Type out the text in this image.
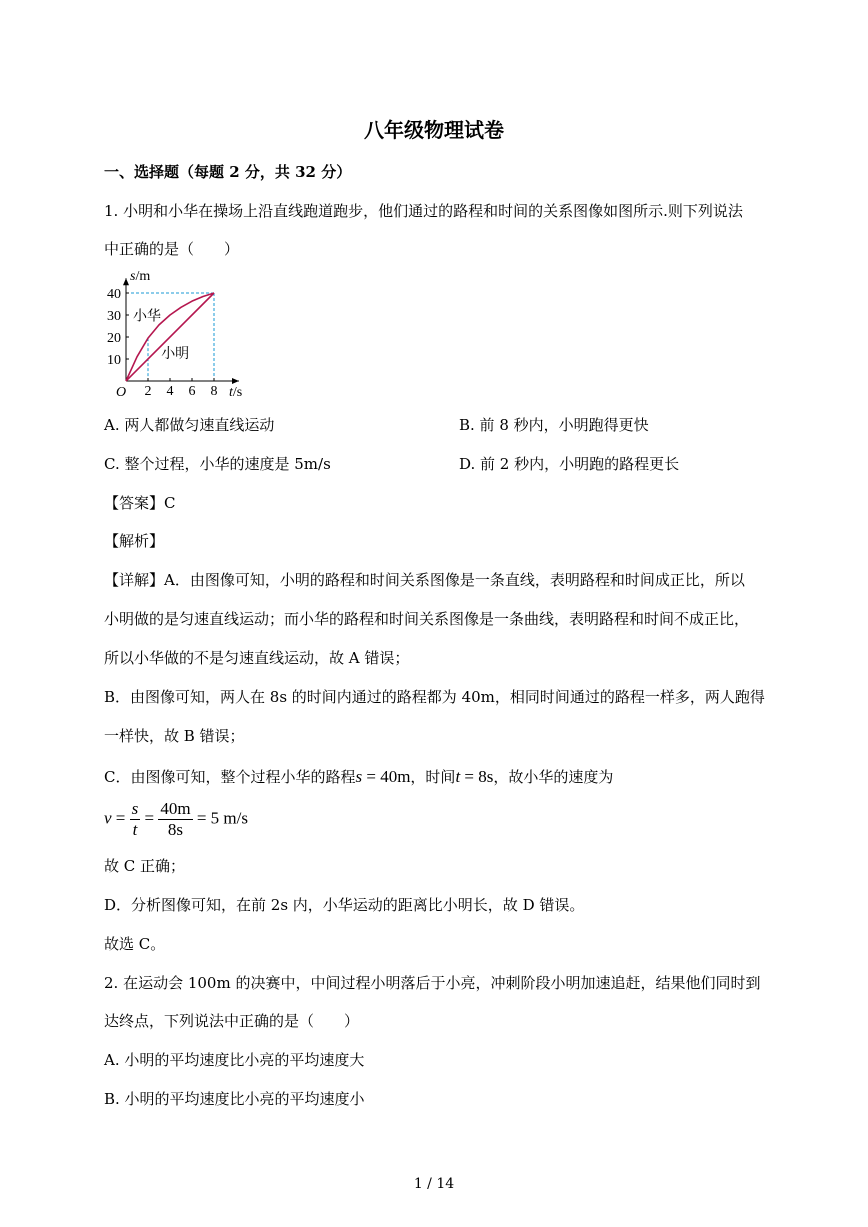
八年级物理试卷
一、选择题（每题 2 分，共 32 分）
1. 小明和小华在操场上沿直线跑道跑步，他们通过的路程和时间的关系图像如图所示.则下列说法
中正确的是（　　）
2 4 6 8
10
20
30
40
O
s/m
t/s
小华
小明
A. 两人都做匀速直线运动	B. 前 8 秒内，小明跑得更快
C. 整个过程，小华的速度是 5m/s	D. 前 2 秒内，小明跑的路程更长
【答案】C
【解析】
【详解】A．由图像可知，小明的路程和时间关系图像是一条直线，表明路程和时间成正比，所以
小明做的是匀速直线运动；而小华的路程和时间关系图像是一条曲线，表明路程和时间不成正比，
所以小华做的不是匀速直线运动，故 A 错误；
B．由图像可知，两人在 8s 的时间内通过的路程都为 40m，相同时间通过的路程一样多，两人跑得
一样快，故 B 错误；
C．由图像可知，整个过程小华的路程s = 40m，时间t = 8s，故小华的速度为
$v = \frac{s}{t} = \frac{40m}{8s} = 5$ m/s
故 C 正确；
D．分析图像可知，在前 2s 内，小华运动的距离比小明长，故 D 错误。
故选 C。
2. 在运动会 100m 的决赛中，中间过程小明落后于小亮，冲刺阶段小明加速追赶，结果他们同时到
达终点，下列说法中正确的是（　　）
A. 小明的平均速度比小亮的平均速度大
B. 小明的平均速度比小亮的平均速度小
1 / 14
